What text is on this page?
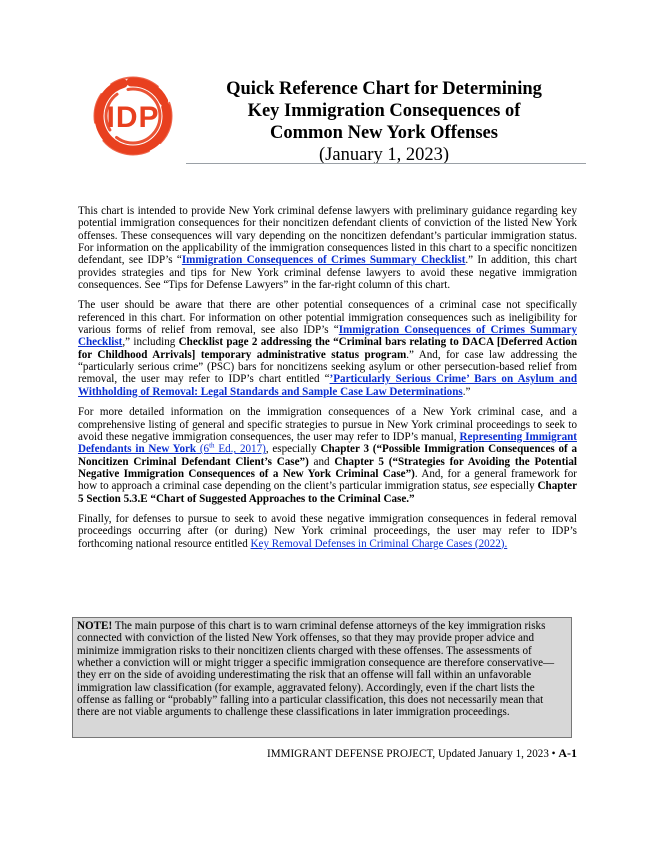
IDP
Quick Reference Chart for Determining
Key Immigration Consequences of
Common New York Offenses
(January 1, 2023)

This chart is intended to provide New York criminal defense lawyers with preliminary guidance regarding key potential immigration consequences for their noncitizen defendant clients of conviction of the listed New York offenses. These consequences will vary depending on the noncitizen defendant’s particular immigration status. For information on the applicability of the immigration consequences listed in this chart to a specific noncitizen defendant, see IDP’s “Immigration Consequences of Crimes Summary Checklist.” In addition, this chart provides strategies and tips for New York criminal defense lawyers to avoid these negative immigration consequences. See “Tips for Defense Lawyers” in the far-right column of this chart.

The user should be aware that there are other potential consequences of a criminal case not specifically referenced in this chart. For information on other potential immigration consequences such as ineligibility for various forms of relief from removal, see also IDP’s “Immigration Consequences of Crimes Summary Checklist,” including Checklist page 2 addressing the “Criminal bars relating to DACA [Deferred Action for Childhood Arrivals] temporary administrative status program.” And, for case law addressing the “particularly serious crime” (PSC) bars for noncitizens seeking asylum or other persecution-based relief from removal, the user may refer to IDP’s chart entitled “’Particularly Serious Crime’ Bars on Asylum and Withholding of Removal: Legal Standards and Sample Case Law Determinations.”

For more detailed information on the immigration consequences of a New York criminal case, and a comprehensive listing of general and specific strategies to pursue in New York criminal proceedings to seek to avoid these negative immigration consequences, the user may refer to IDP’s manual, Representing Immigrant Defendants in New York (6th Ed., 2017), especially Chapter 3 (“Possible Immigration Consequences of a Noncitizen Criminal Defendant Client’s Case”) and Chapter 5 (“Strategies for Avoiding the Potential Negative Immigration Consequences of a New York Criminal Case”). And, for a general framework for how to approach a criminal case depending on the client’s particular immigration status, see especially Chapter 5 Section 5.3.E “Chart of Suggested Approaches to the Criminal Case.”

Finally, for defenses to pursue to seek to avoid these negative immigration consequences in federal removal proceedings occurring after (or during) New York criminal proceedings, the user may refer to IDP’s forthcoming national resource entitled Key Removal Defenses in Criminal Charge Cases (2022).

NOTE! The main purpose of this chart is to warn criminal defense attorneys of the key immigration risks connected with conviction of the listed New York offenses, so that they may provide proper advice and minimize immigration risks to their noncitizen clients charged with these offenses. The assessments of whether a conviction will or might trigger a specific immigration consequence are therefore conservative—they err on the side of avoiding underestimating the risk that an offense will fall within an unfavorable immigration law classification (for example, aggravated felony). Accordingly, even if the chart lists the offense as falling or “probably” falling into a particular classification, this does not necessarily mean that there are not viable arguments to challenge these classifications in later immigration proceedings.
IMMIGRANT DEFENSE PROJECT, Updated January 1, 2023 • A-1
